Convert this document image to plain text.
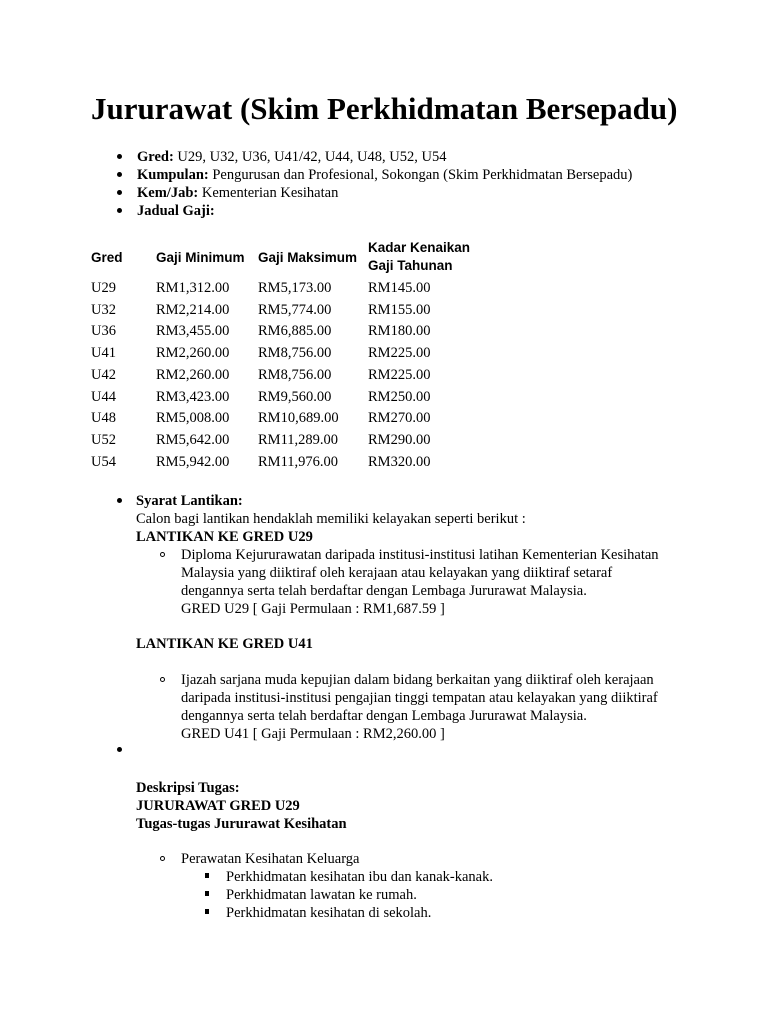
Jururawat (Skim Perkhidmatan Bersepadu)
Gred: U29, U32, U36, U41/42, U44, U48, U52, U54
Kumpulan: Pengurusan dan Profesional, Sokongan (Skim Perkhidmatan Bersepadu)
Kem/Jab: Kementerian Kesihatan
Jadual Gaji:
Gred Gaji Minimum Gaji Maksimum
Kadar Kenaikan
Gaji Tahunan
U29	RM1,312.00 RM5,173.00	RM145.00
U32	RM2,214.00 RM5,774.00	RM155.00
U36	RM3,455.00 RM6,885.00	RM180.00
U41	RM2,260.00 RM8,756.00	RM225.00
U42	RM2,260.00 RM8,756.00	RM225.00
U44	RM3,423.00 RM9,560.00	RM250.00
U48	RM5,008.00 RM10,689.00 RM270.00
U52	RM5,642.00 RM11,289.00 RM290.00
U54	RM5,942.00 RM11,976.00 RM320.00
Syarat Lantikan:
Calon bagi lantikan hendaklah memiliki kelayakan seperti berikut :
LANTIKAN KE GRED U29
Diploma Kejururawatan daripada institusi-institusi latihan Kementerian Kesihatan
Malaysia yang diiktiraf oleh kerajaan atau kelayakan yang diiktiraf setaraf
dengannya serta telah berdaftar dengan Lembaga Jururawat Malaysia.
GRED U29 [ Gaji Permulaan : RM1,687.59 ]
LANTIKAN KE GRED U41
Ijazah sarjana muda kepujian dalam bidang berkaitan yang diiktiraf oleh kerajaan
daripada institusi-institusi pengajian tinggi tempatan atau kelayakan yang diiktiraf
dengannya serta telah berdaftar dengan Lembaga Jururawat Malaysia.
GRED U41 [ Gaji Permulaan : RM2,260.00 ]
Deskripsi Tugas:
JURURAWAT GRED U29
Tugas-tugas Jururawat Kesihatan
Perawatan Kesihatan Keluarga
Perkhidmatan kesihatan ibu dan kanak-kanak.
Perkhidmatan lawatan ke rumah.
Perkhidmatan kesihatan di sekolah.
